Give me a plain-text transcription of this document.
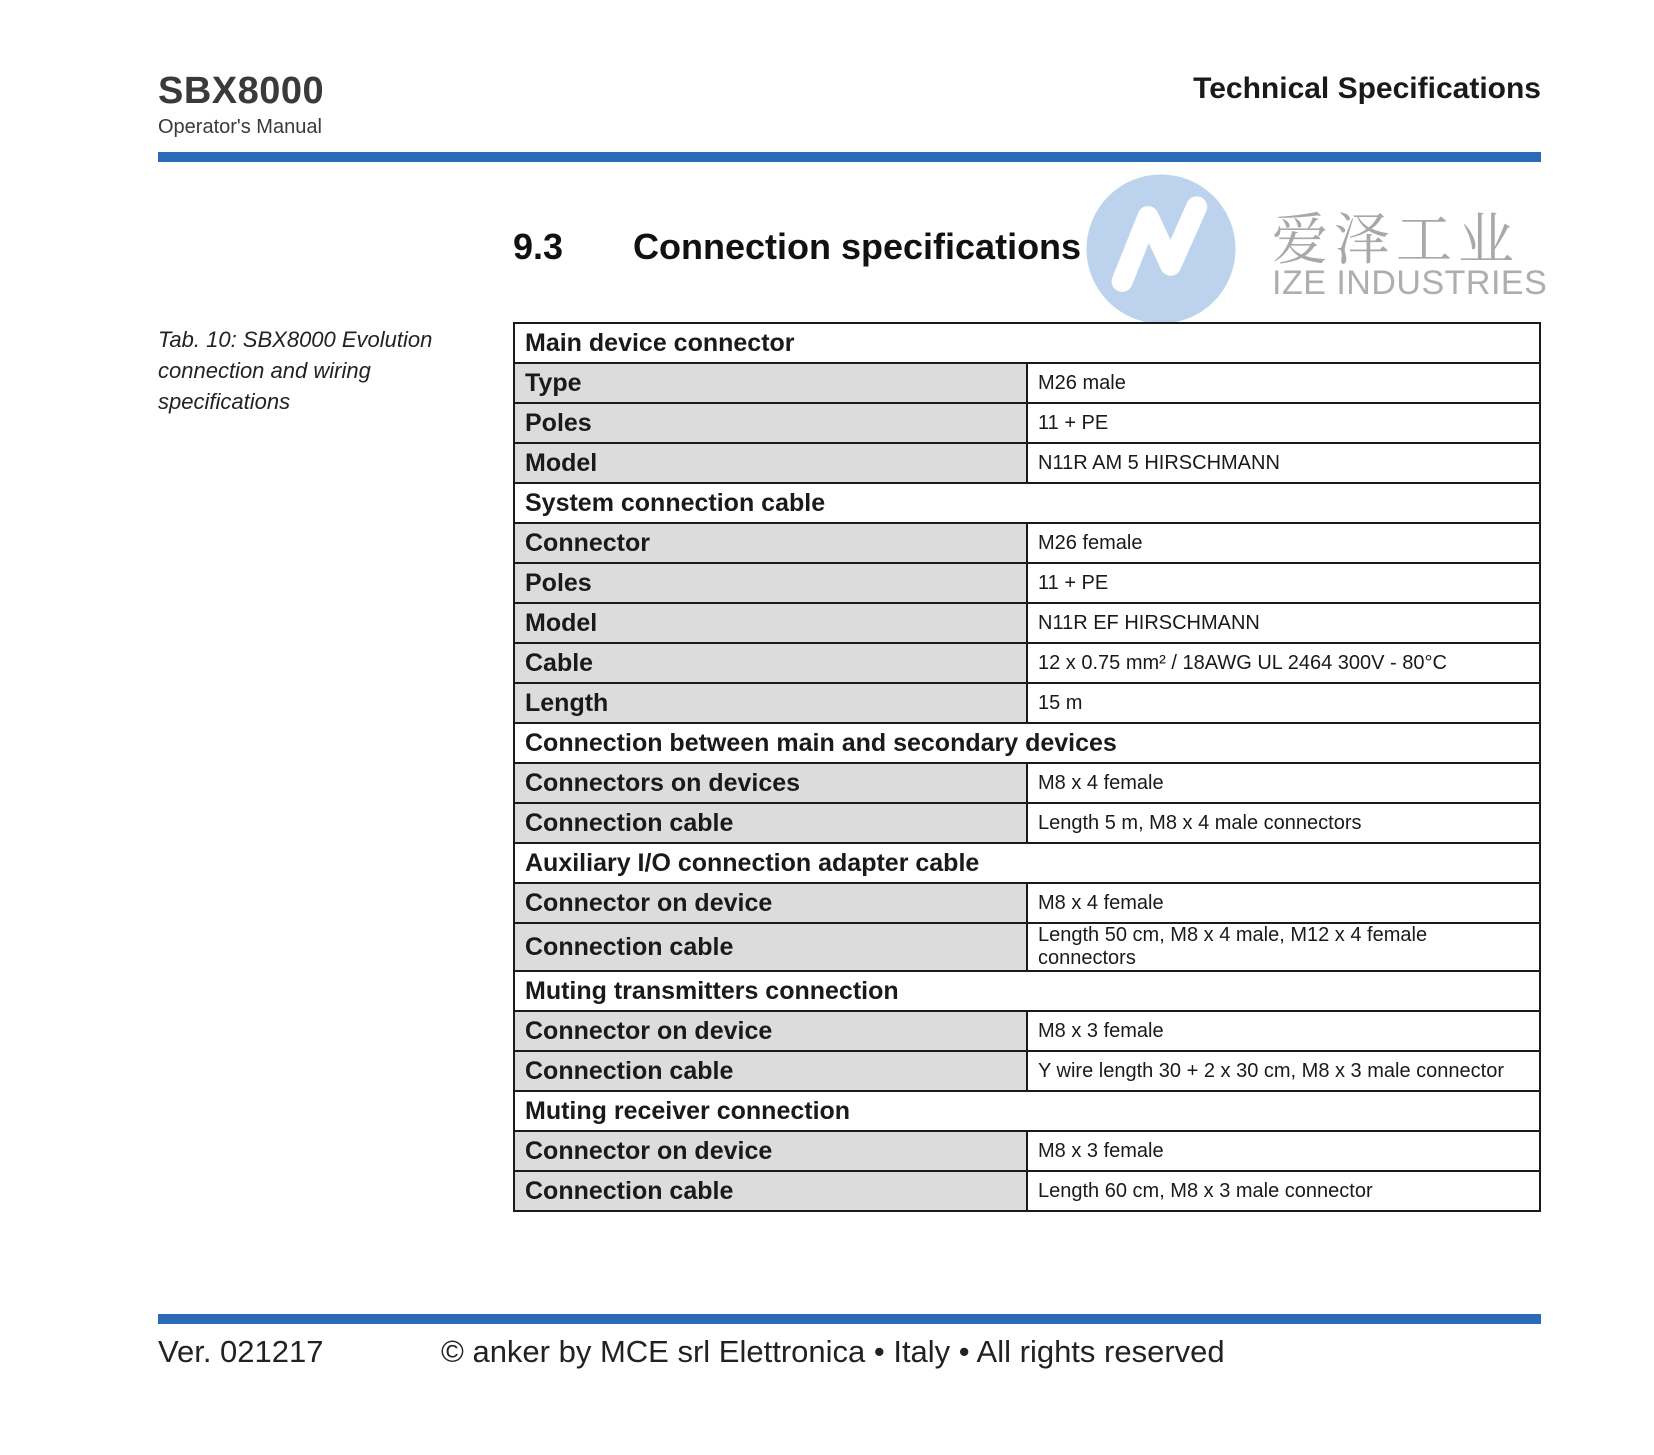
SBX8000
Operator's Manual
Technical Specifications
爱泽工业
IZE INDUSTRIES
9.3 Connection specifications
Tab. 10: SBX8000 Evolution connection and wiring specifications
Main device connector	
Type	M26 male
Poles	11 + PE
Model	N11R AM 5 HIRSCHMANN
System connection cable	
Connector	M26 female
Poles	11 + PE
Model	N11R EF HIRSCHMANN
Cable	12 x 0.75 mm² / 18AWG UL 2464 300V - 80°C
Length	15 m
Connection between main and secondary devices	
Connectors on devices	M8 x 4 female
Connection cable	Length 5 m, M8 x 4 male connectors
Auxiliary I/O connection adapter cable	
Connector on device	M8 x 4 female
Connection cable	Length 50 cm, M8 x 4 male, M12 x 4 female connectors
Muting transmitters connection	
Connector on device	M8 x 3 female
Connection cable	Y wire length 30 + 2 x 30 cm, M8 x 3 male connector
Muting receiver connection	
Connector on device	M8 x 3 female
Connection cable	Length 60 cm, M8 x 3 male connector
Ver. 021217	© anker by MCE srl Elettronica • Italy • All rights reserved
